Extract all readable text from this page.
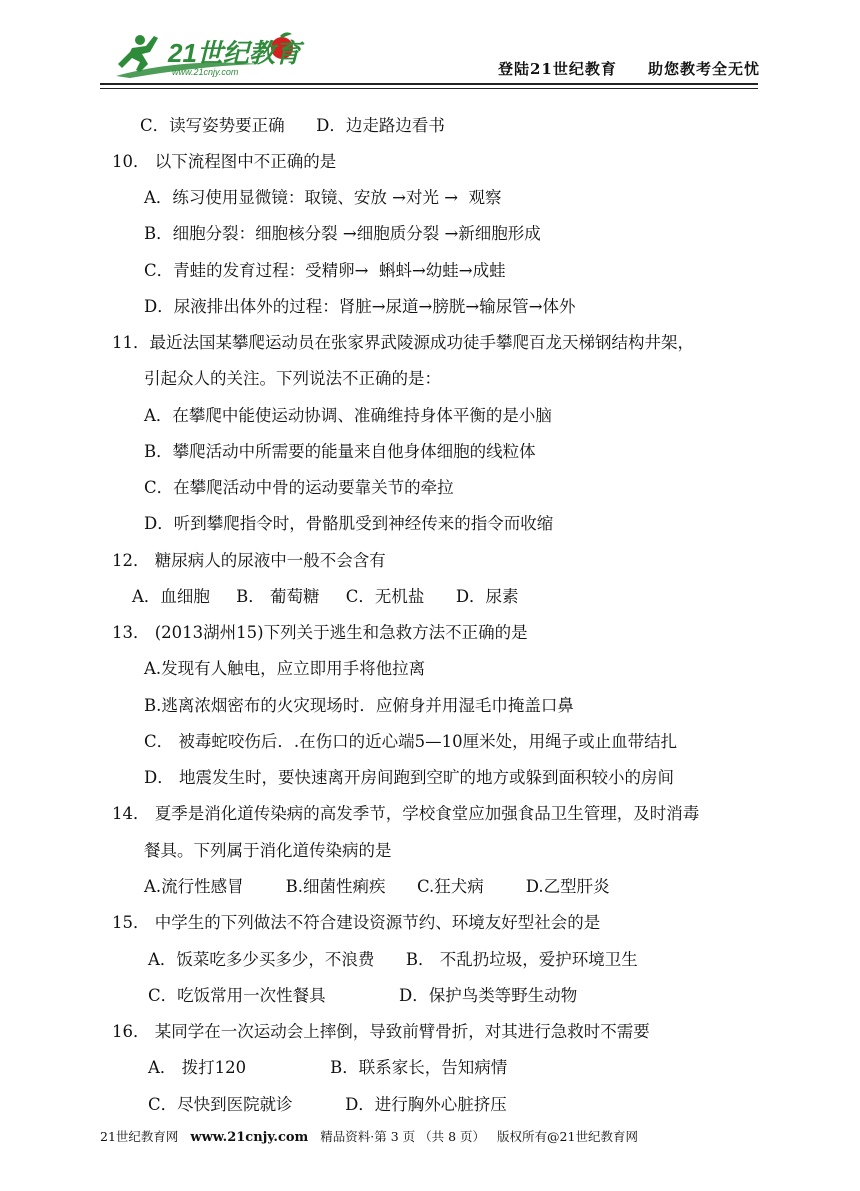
21世纪教育
www.21cnjy.com	登陆21世纪教育 助您教考全无忧
C．读写姿势要正确      D．边走路边看书
10． 以下流程图中不正确的是
A．练习使用显微镜：取镜、安放 →对光 →  观察
B．细胞分裂：细胞核分裂 →细胞质分裂 →新细胞形成
C．青蛙的发育过程：受精卵→  蝌蚪→幼蛙→成蛙
D．尿液排出体外的过程：肾脏→尿道→膀胱→输尿管→体外
11．最近法国某攀爬运动员在张家界武陵源成功徒手攀爬百龙天梯钢结构井架，
引起众人的关注。下列说法不正确的是：
A．在攀爬中能使运动协调、准确维持身体平衡的是小脑
B．攀爬活动中所需要的能量来自他身体细胞的线粒体
C．在攀爬活动中骨的运动要靠关节的牵拉
D．听到攀爬指令时，骨骼肌受到神经传来的指令而收缩
12． 糖尿病人的尿液中一般不会含有
A．血细胞     B． 葡萄糖     C．无机盐      D．尿素
13． (2013湖州15)下列关于逃生和急救方法不正确的是
A.发现有人触电，应立即用手将他拉离
B.逃离浓烟密布的火灾现场时．应俯身并用湿毛巾掩盖口鼻
C． 被毒蛇咬伤后．.在伤口的近心端5—10厘米处，用绳子或止血带结扎
D． 地震发生时，要快速离开房间跑到空旷的地方或躲到面积较小的房间
14． 夏季是消化道传染病的高发季节，学校食堂应加强食品卫生管理，及时消毒
餐具。下列属于消化道传染病的是
A.流行性感冒        B.细菌性痢疾      C.狂犬病        D.乙型肝炎
15． 中学生的下列做法不符合建设资源节约、环境友好型社会的是
A．饭菜吃多少买多少，不浪费      B． 不乱扔垃圾，爱护环境卫生
C．吃饭常用一次性餐具              D．保护鸟类等野生动物
16． 某同学在一次运动会上摔倒，导致前臂骨折，对其进行急救时不需要
A． 拨打120                B．联系家长，告知病情
C．尽快到医院就诊          D．进行胸外心脏挤压
21世纪教育网 www.21cnjy.com 精品资料·第 3 页 （共 8 页） 版权所有@21世纪教育网
